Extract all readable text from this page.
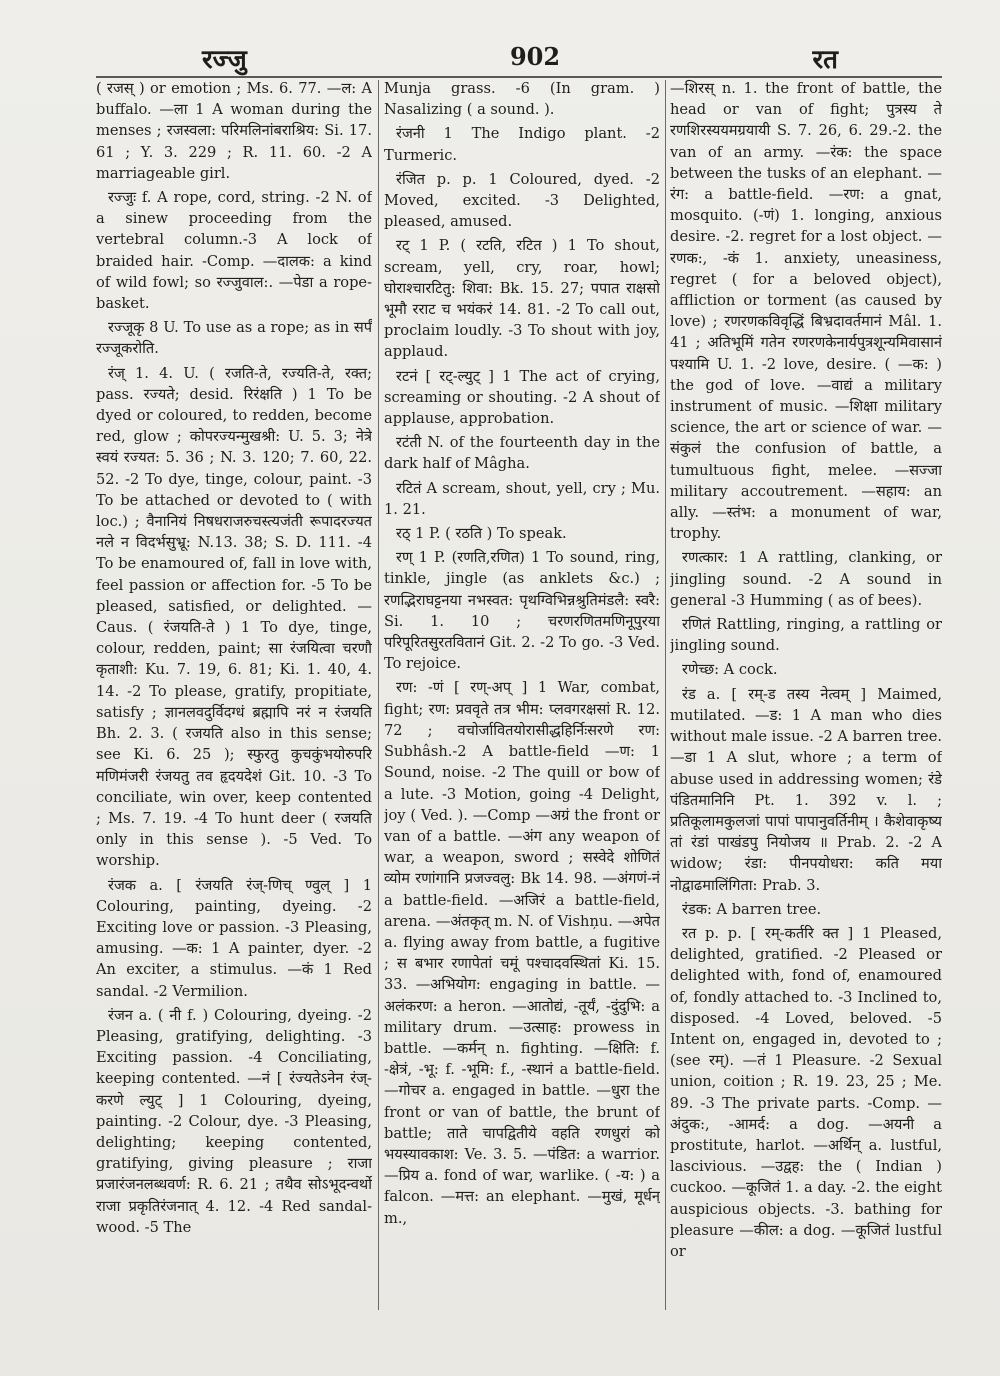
रज्जु	902	रत

( रजस् ) or emotion ; Ms. 6. 77. —ल: A buffalo. —ला 1 A woman during the menses ; रजस्वला: परिमलिनांबराश्रिय: Si. 17. 61 ; Y. 3. 229 ; R. 11. 60. -2 A marriageable girl.

रज्जुः f. A rope, cord, string. -2 N. of a sinew proceeding from the vertebral column.-3 A lock of braided hair. -Comp. —दालक: a kind of wild fowl; so रज्जुवाल:. —पेडा a rope-basket.

रज्जूकृ 8 U. To use as a rope; as in सर्पं रज्जूकरोति.

रंज् 1. 4. U. ( रजति-ते, रज्यति-ते, रक्त; pass. रज्यते; desid. रिरंक्षति ) 1 To be dyed or coloured, to redden, become red, glow ; कोपरज्यन्मुखश्री: U. 5. 3; नेत्रे स्वयं रज्यत: 5. 36 ; N. 3. 120; 7. 60, 22. 52. -2 To dye, tinge, colour, paint. -3 To be attached or devoted to ( with loc.) ; वैनानियं निषधराजरुचस्त्यजंती रूपादरज्यत नले न विदर्भसुभ्रू: N.13. 38; S. D. 111. -4 To be enamoured of, fall in love with, feel passion or affection for. -5 To be pleased, satisfied, or delighted. —Caus. ( रंजयति-ते ) 1 To dye, tinge, colour, redden, paint; सा रंजयित्वा चरणौ कृताशी: Ku. 7. 19, 6. 81; Ki. 1. 40, 4. 14. -2 To please, gratify, propitiate, satisfy ; ज्ञानलवदुर्विदग्धं ब्रह्मापि नरं न रंजयति Bh. 2. 3. ( रजयति also in this sense; see Ki. 6. 25 ); स्फुरतु कुचकुंभयोरुपरि मणिमंजरी रंजयतु तव हृदयदेशं Git. 10. -3 To conciliate, win over, keep contented ; Ms. 7. 19. -4 To hunt deer ( रजयति only in this sense ). -5 Ved. To worship.

रंजक a. [ रंजयति रंज्-णिच् ण्वुल् ] 1 Colouring, painting, dyeing. -2 Exciting love or passion. -3 Pleasing, amusing. —क: 1 A painter, dyer. -2 An exciter, a stimulus. —कं 1 Red sandal. -2 Vermilion.

रंजन a. ( नी f. ) Colouring, dyeing. -2 Pleasing, gratifying, delighting. -3 Exciting passion. -4 Conciliating, keeping contented. —नं [ रंज्यतेऽनेन रंज्-करणे ल्युट् ] 1 Colouring, dyeing, painting. -2 Colour, dye. -3 Pleasing, delighting; keeping contented, gratifying, giving pleasure ; राजा प्रजारंजनलब्धवर्ण: R. 6. 21 ; तथैव सोऽभूदन्वर्थो राजा प्रकृतिरंजनात् 4. 12. -4 Red sandal-wood. -5 The

Munja grass. -6 (In gram. ) Nasalizing ( a sound. ).

रंजनी 1 The Indigo plant. -2 Turmeric.

रंजित p. p. 1 Coloured, dyed. -2 Moved, excited. -3 Delighted, pleased, amused.

रट् 1 P. ( रटति, रटित ) 1 To shout, scream, yell, cry, roar, howl; घोराश्चारटितु: शिवा: Bk. 15. 27; पपात राक्षसो भूमौ रराट च भयंकरं 14. 81. -2 To call out, proclaim loudly. -3 To shout with joy, applaud.

रटनं [ रट्-ल्युट् ] 1 The act of crying, screaming or shouting. -2 A shout of applause, approbation.

रटंती N. of the fourteenth day in the dark half of Mâgha.

रटितं A scream, shout, yell, cry ; Mu. 1. 21.

रठ् 1 P. ( रठति ) To speak.

रण् 1 P. (रणति,रणित) 1 To sound, ring, tinkle, jingle (as anklets &c.) ; रणद्भिराघट्टनया नभस्वत: पृथग्विभिन्नश्रुतिमंडलै: स्वरै: Si. 1. 10 ; चरणरणितमणिनूपुरया परिपूरितसुरतवितानं Git. 2. -2 To go. -3 Ved. To rejoice.

रण: -णं [ रण्-अप् ] 1 War, combat, fight; रण: प्रववृते तत्र भीम: प्लवगरक्षसां R. 12. 72 ; वचोर्जावितयोरासीद्धहिर्निःसरणे रण: Subhâsh.-2 A battle-field —ण: 1 Sound, noise. -2 The quill or bow of a lute. -3 Motion, going -4 Delight, joy ( Ved. ). —Comp —अग्रं the front or van of a battle. —अंग any weapon of war, a weapon, sword ; सस्वेदे शोणितं व्योम रणांगानि प्रजज्वलु: Bk 14. 98. —अंगणं-नं a battle-field. —अजिरं a battle-field, arena. —अंतकृत् m. N. of Vishņu. —अपेत a. flying away from battle, a fugitive ; स बभार रणापेतां चमूं पश्चादवस्थितां Ki. 15. 33. —अभियोग: engaging in battle. —अलंकरण: a heron. —आतोद्यं, -तूर्यं, -दुंदुभि: a military drum. —उत्साह: prowess in battle. —कर्मन् n. fighting. —क्षिति: f. -क्षेत्रं, -भू: f. -भूमि: f., -स्थानं a battle-field. —गोचर a. engaged in battle. —धुरा the front or van of battle, the brunt of battle; ताते चापद्वितीये वहति रणधुरां को भयस्यावकाश: Ve. 3. 5. —पंडित: a warrior. —प्रिय a. fond of war, warlike. ( -य: ) a falcon. —मत्त: an elephant. —मुखं, मूर्धन् m.,

—शिरस् n. 1. the front of battle, the head or van of fight; पुत्रस्य ते रणशिरस्ययमग्रयायी S. 7. 26, 6. 29.-2. the van of an army. —रंक: the space between the tusks of an elephant. —रंग: a battle-field. —रण: a gnat, mosquito. (-णं) 1. longing, anxious desire. -2. regret for a lost object. —रणक:, -कं 1. anxiety, uneasiness, regret ( for a beloved object), affliction or torment (as caused by love) ; रणरणकविवृद्धिं बिभ्रदावर्तमानं Mâl. 1. 41 ; अतिभूमिं गतेन रणरणकेनार्यपुत्रशून्यमिवासानं पश्यामि U. 1. -2 love, desire. ( —क: ) the god of love. —वाद्यं a military instrument of music. —शिक्षा military science, the art or science of war. —संकुलं the confusion of battle, a tumultuous fight, melee. —सज्जा military accoutrement. —सहाय: an ally. —स्तंभ: a monument of war, trophy.

रणत्कार: 1 A rattling, clanking, or jingling sound. -2 A sound in general -3 Humming ( as of bees).

रणितं Rattling, ringing, a rattling or jingling sound.

रणेच्छ: A cock.

रंड a. [ रम्-ड तस्य नेत्वम् ] Maimed, mutilated. —ड: 1 A man who dies without male issue. -2 A barren tree. —डा 1 A slut, whore ; a term of abuse used in addressing women; रंडे पंडितमानिनि Pt. 1. 392 v. l. ; प्रतिकूलामकुलजां पापां पापानुवर्तिनीम् । कैशेवाकृष्य तां रंडां पाखंडपु नियोजय ॥ Prab. 2. -2 A widow; रंडा: पीनपयोधरा: कति मया नोद्वाढमालिंगिता: Prab. 3.

रंडक: A barren tree.

रत p. p. [ रम्-कर्तरि क्त ] 1 Pleased, delighted, gratified. -2 Pleased or delighted with, fond of, enamoured of, fondly attached to. -3 Inclined to, disposed. -4 Loved, beloved. -5 Intent on, engaged in, devoted to ; (see रम्). —तं 1 Pleasure. -2 Sexual union, coition ; R. 19. 23, 25 ; Me. 89. -3 The private parts. -Comp. —अंदुक:, -आमर्द: a dog. —अयनी a prostitute, harlot. —अर्थिन् a. lustful, lascivious. —उद्वह: the ( Indian ) cuckoo. —कूजितं 1. a day. -2. the eight auspicious objects. -3. bathing for pleasure —कील: a dog. —कूजितं lustful or
